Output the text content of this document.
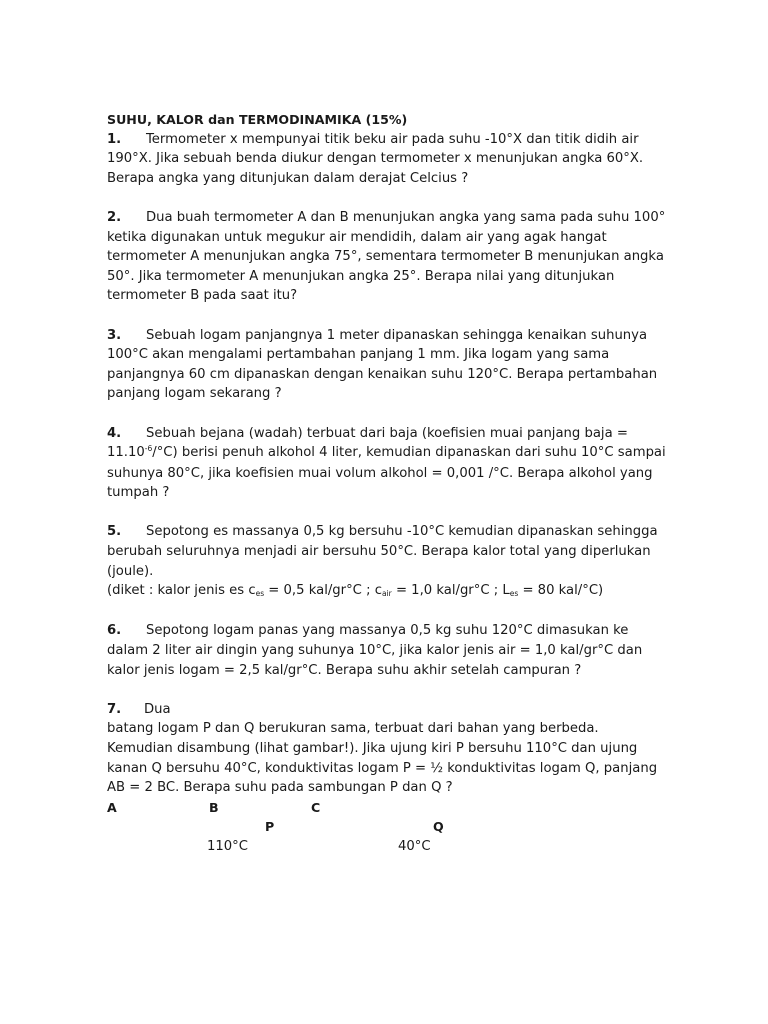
SUHU, KALOR dan TERMODINAMIKA (15%)
1. Termometer x mempunyai titik beku air pada suhu -10°X dan titik didih air 190°X. Jika sebuah benda diukur dengan termometer x menunjukan angka 60°X. Berapa angka yang ditunjukan dalam derajat Celcius ?
2. Dua buah termometer A dan B menunjukan angka yang sama pada suhu 100° ketika digunakan untuk megukur air mendidih, dalam air yang agak hangat termometer A menunjukan angka 75°, sementara termometer B menunjukan angka 50°. Jika termometer A menunjukan angka 25°. Berapa nilai yang ditunjukan termometer B pada saat itu?
3. Sebuah logam panjangnya 1 meter dipanaskan sehingga kenaikan suhunya 100°C akan mengalami pertambahan panjang 1 mm. Jika logam yang sama panjangnya 60 cm dipanaskan dengan kenaikan suhu 120°C. Berapa pertambahan panjang logam sekarang ?
4. Sebuah bejana (wadah) terbuat dari baja (koefisien muai panjang baja = $11.10^{-6}/^\circ C$) berisi penuh alkohol 4 liter, kemudian dipanaskan dari suhu 10°C sampai suhunya 80°C, jika koefisien muai volum alkohol = 0,001 /°C. Berapa alkohol yang tumpah ?
5. Sepotong es massanya 0,5 kg bersuhu -10°C kemudian dipanaskan sehingga berubah seluruhnya menjadi air bersuhu 50°C. Berapa kalor total yang diperlukan (joule).
(diket : kalor jenis es $c_{es} = 0,5$ kal/gr°C ; $c_{air} = 1,0$ kal/gr°C ; $L_{es} = 80$ kal/°C)
6. Sepotong logam panas yang massanya 0,5 kg suhu 120°C dimasukan ke dalam 2 liter air dingin yang suhunya 10°C, jika kalor jenis air = 1,0 kal/gr°C dan kalor jenis logam = 2,5 kal/gr°C. Berapa suhu akhir setelah campuran ?
7. Dua
batang logam P dan Q berukuran sama, terbuat dari bahan yang berbeda. Kemudian disambung (lihat gambar!). Jika ujung kiri P bersuhu 110°C dan ujung kanan Q bersuhu 40°C, konduktivitas logam P = ½ konduktivitas logam Q, panjang AB = 2 BC. Berapa suhu pada sambungan P dan Q ?
A	B	C
P	Q
110°C	40°C
